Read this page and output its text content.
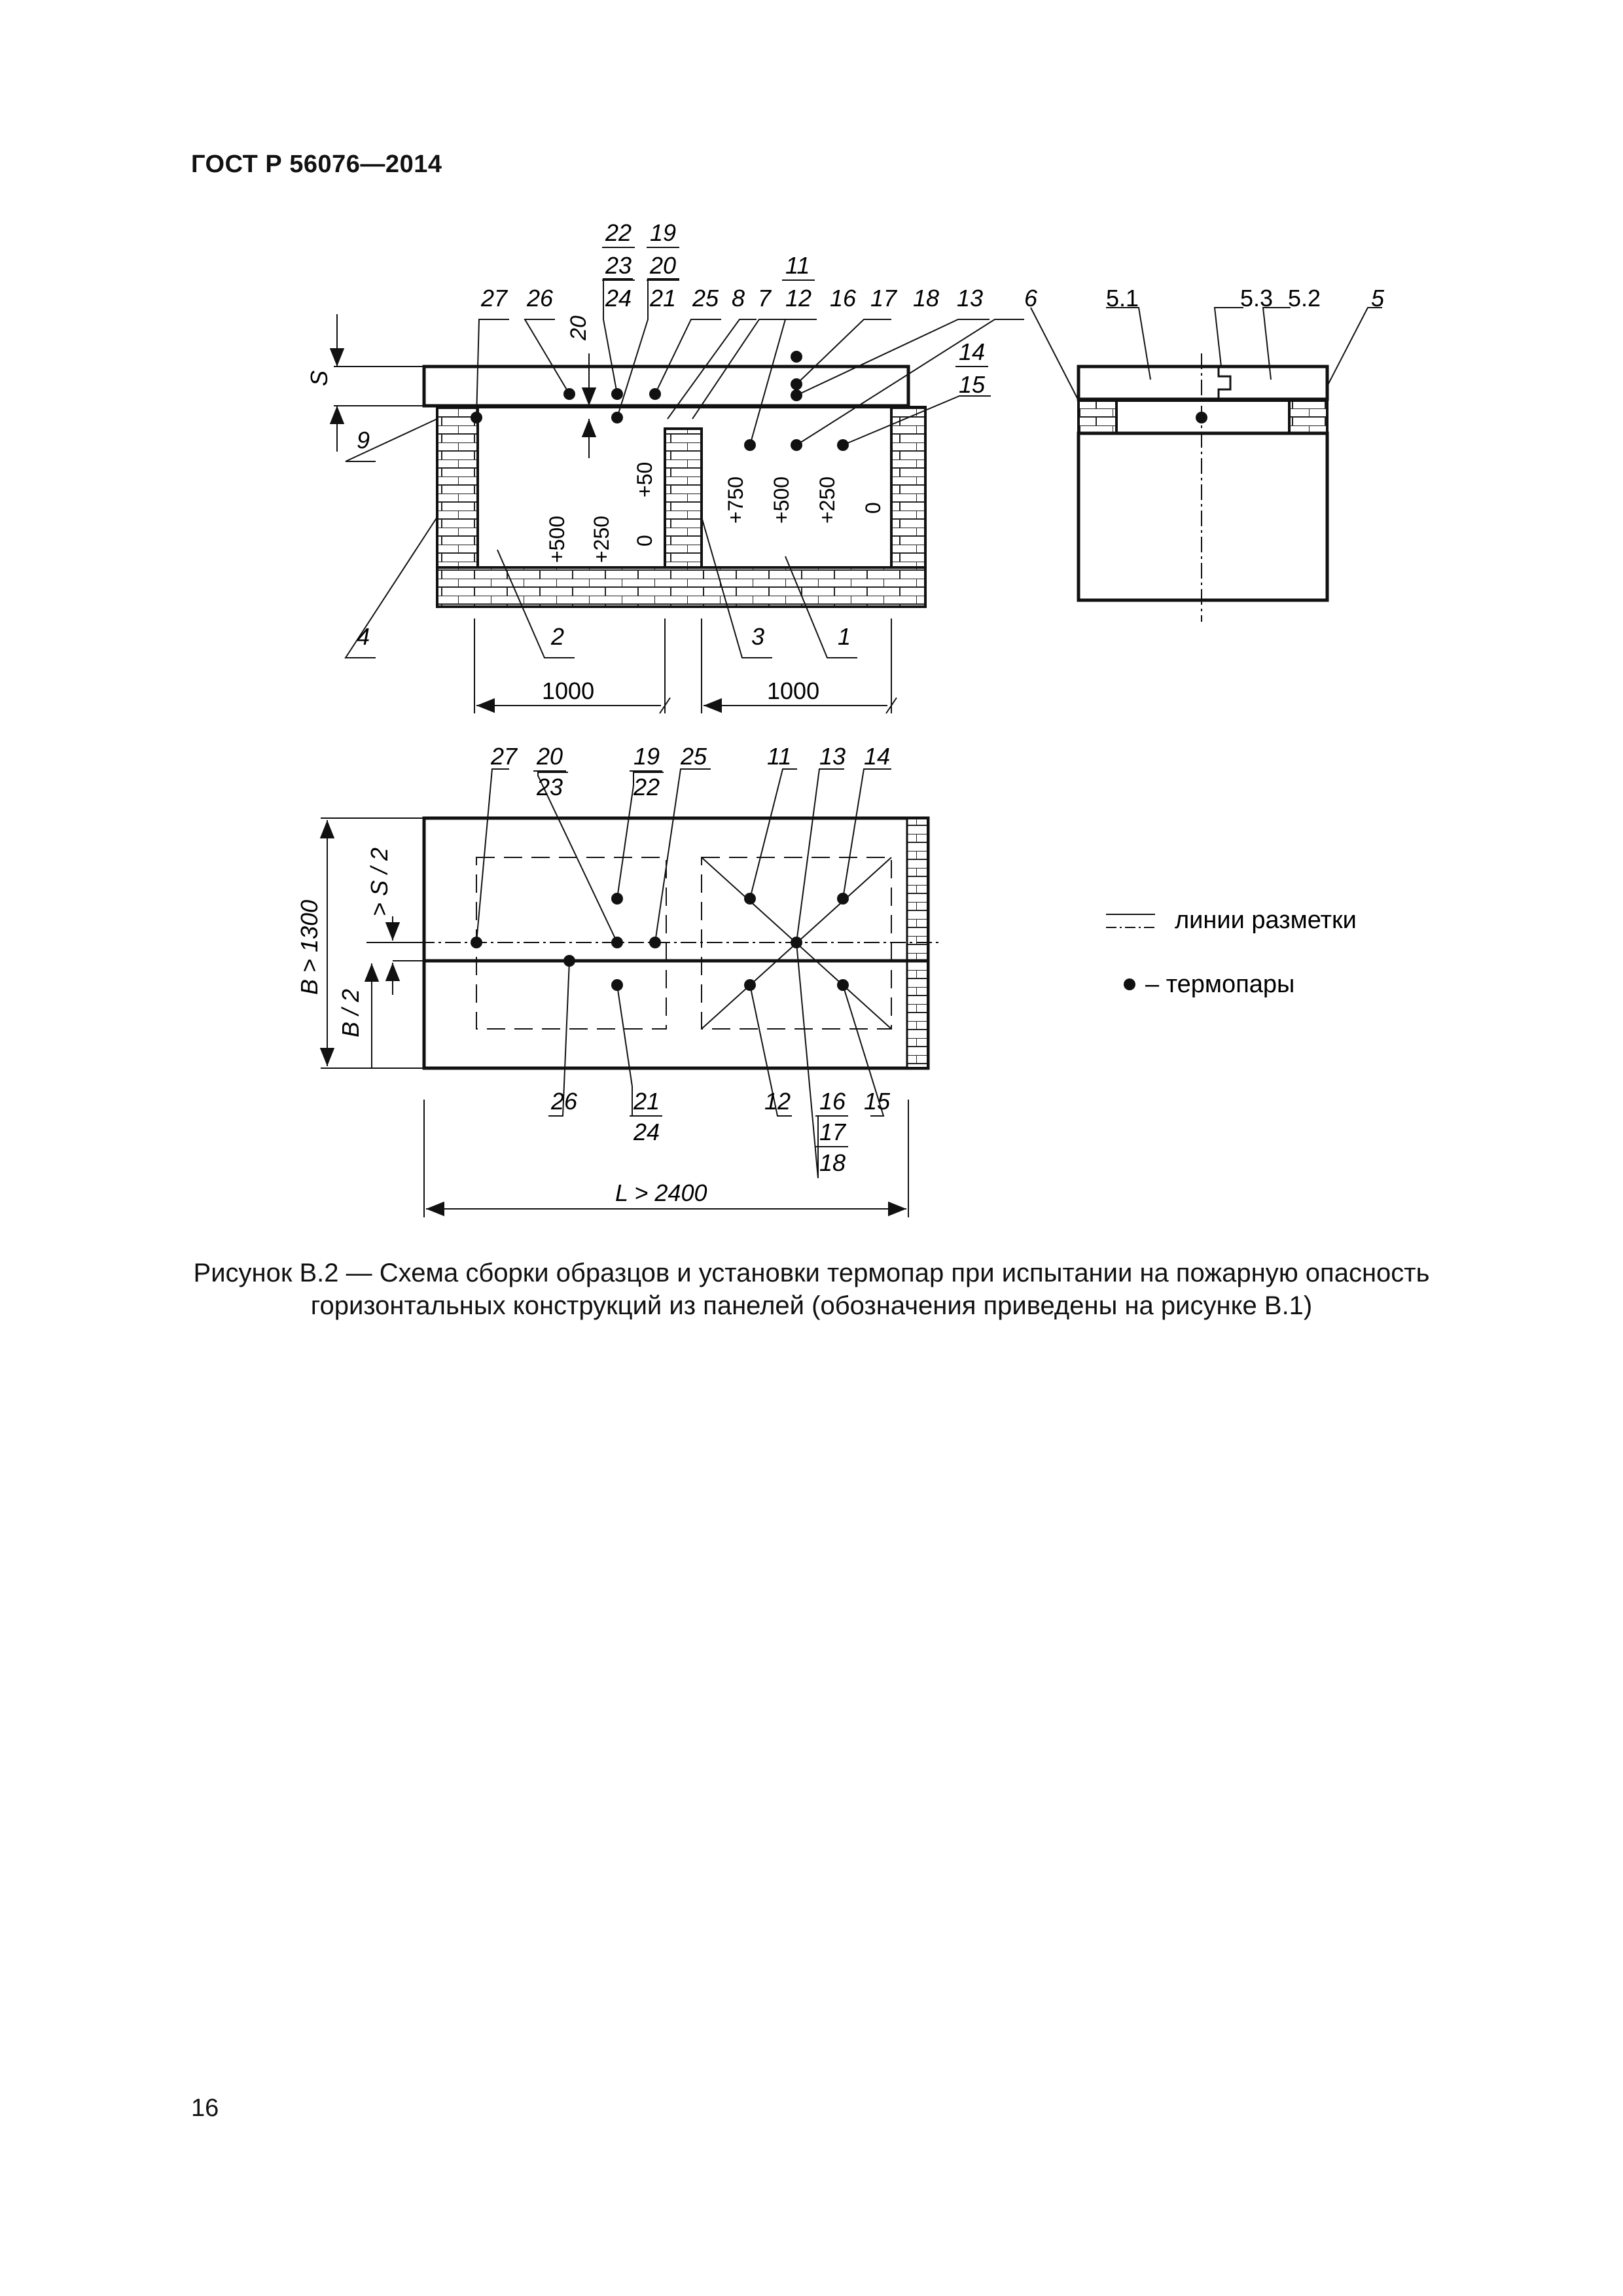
ГОСТ Р 56076—2014
S
20
22
23
24
19
20
21
11
12
14
15
27 26	25 8 7 16 17 18 13
9
4	2	3	1
+500 +250 0
+50	+750 +500 +250 0
1000	1000
6	5.1	5.3 5.2 5
27 20	19 25	11 13 14
23	22
26 21	12 16 15
24	17
18
B > 1300
> S / 2
B / 2
L > 2400
линии разметки
– термопары
Рисунок В.2 — Схема сборки образцов и установки термопар при испытании на пожарную опасность
горизонтальных конструкций из панелей (обозначения приведены на рисунке В.1)
16
